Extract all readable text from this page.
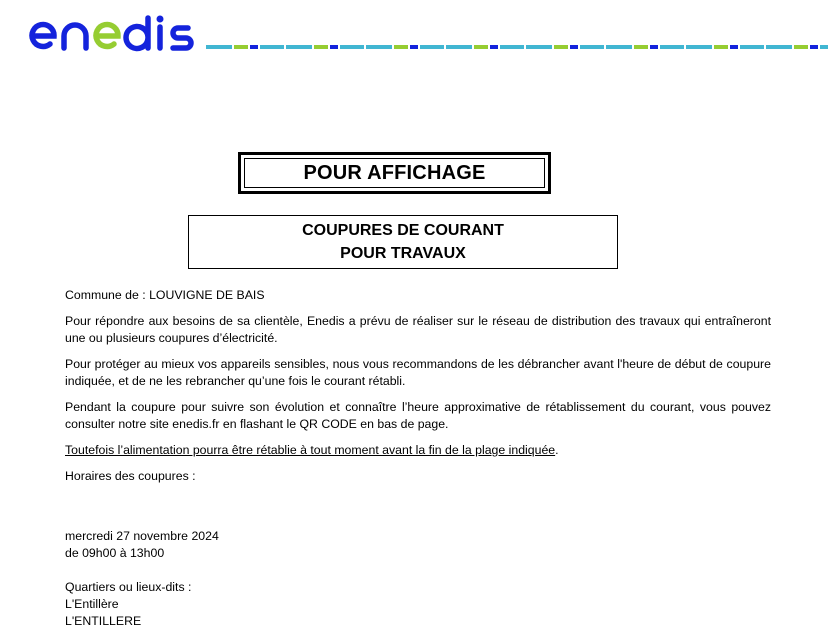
POUR AFFICHAGE
COUPURES DE COURANT
POUR TRAVAUX

Commune de : LOUVIGNE DE BAIS

Pour répondre aux besoins de sa clientèle, Enedis a prévu de réaliser sur le réseau de distribution des travaux qui entraîneront une ou plusieurs coupures d’électricité.

Pour protéger au mieux vos appareils sensibles, nous vous recommandons de les débrancher avant l'heure de début de coupure indiquée, et de ne les rebrancher qu’une fois le courant rétabli.

Pendant la coupure pour suivre son évolution et connaître l’heure approximative de rétablissement du courant, vous pouvez consulter notre site enedis.fr en flashant le QR CODE en bas de page.

Toutefois l’alimentation pourra être rétablie à tout moment avant la fin de la plage indiquée.

Horaires des coupures :

mercredi 27 novembre 2024
de 09h00 à 13h00
Quartiers ou lieux-dits :
L'Entillère
L'ENTILLERE
